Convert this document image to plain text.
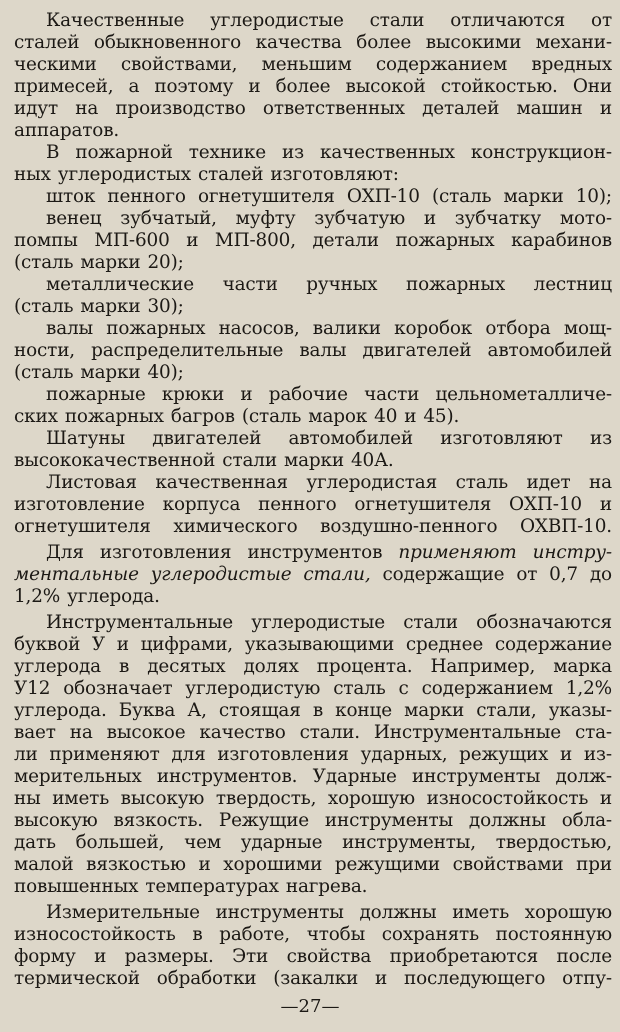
Качественные углеродистые стали отличаются от
сталей обыкновенного качества более высокими механи-
ческими свойствами, меньшим содержанием вредных
примесей, а поэтому и более высокой стойкостью. Они
идут на производство ответственных деталей машин и
аппаратов.
В пожарной технике из качественных конструкцион-
ных углеродистых сталей изготовляют:
шток пенного огнетушителя ОХП-10 (сталь марки 10);
венец зубчатый, муфту зубчатую и зубчатку мото-
помпы МП-600 и МП-800, детали пожарных карабинов
(сталь марки 20);
металлические части ручных пожарных лестниц
(сталь марки 30);
валы пожарных насосов, валики коробок отбора мощ-
ности, распределительные валы двигателей автомобилей
(сталь марки 40);
пожарные крюки и рабочие части цельнометалличе-
ских пожарных багров (сталь марок 40 и 45).
Шатуны двигателей автомобилей изготовляют из
высококачественной стали марки 40А.
Листовая качественная углеродистая сталь идет на
изготовление корпуса пенного огнетушителя ОХП-10 и
огнетушителя химического воздушно-пенного ОХВП-10.
Для изготовления инструментов применяют инстру-
ментальные углеродистые стали, содержащие от 0,7 до
1,2% углерода.
Инструментальные углеродистые стали обозначаются
буквой У и цифрами, указывающими среднее содержание
углерода в десятых долях процента. Например, марка
У12 обозначает углеродистую сталь с содержанием 1,2%
углерода. Буква А, стоящая в конце марки стали, указы-
вает на высокое качество стали. Инструментальные ста-
ли применяют для изготовления ударных, режущих и из-
мерительных инструментов. Ударные инструменты долж-
ны иметь высокую твердость, хорошую износостойкость и
высокую вязкость. Режущие инструменты должны обла-
дать большей, чем ударные инструменты, твердостью,
малой вязкостью и хорошими режущими свойствами при
повышенных температурах нагрева.
Измерительные инструменты должны иметь хорошую
износостойкость в работе, чтобы сохранять постоянную
форму и размеры. Эти свойства приобретаются после
термической обработки (закалки и последующего отпу-
—27—
